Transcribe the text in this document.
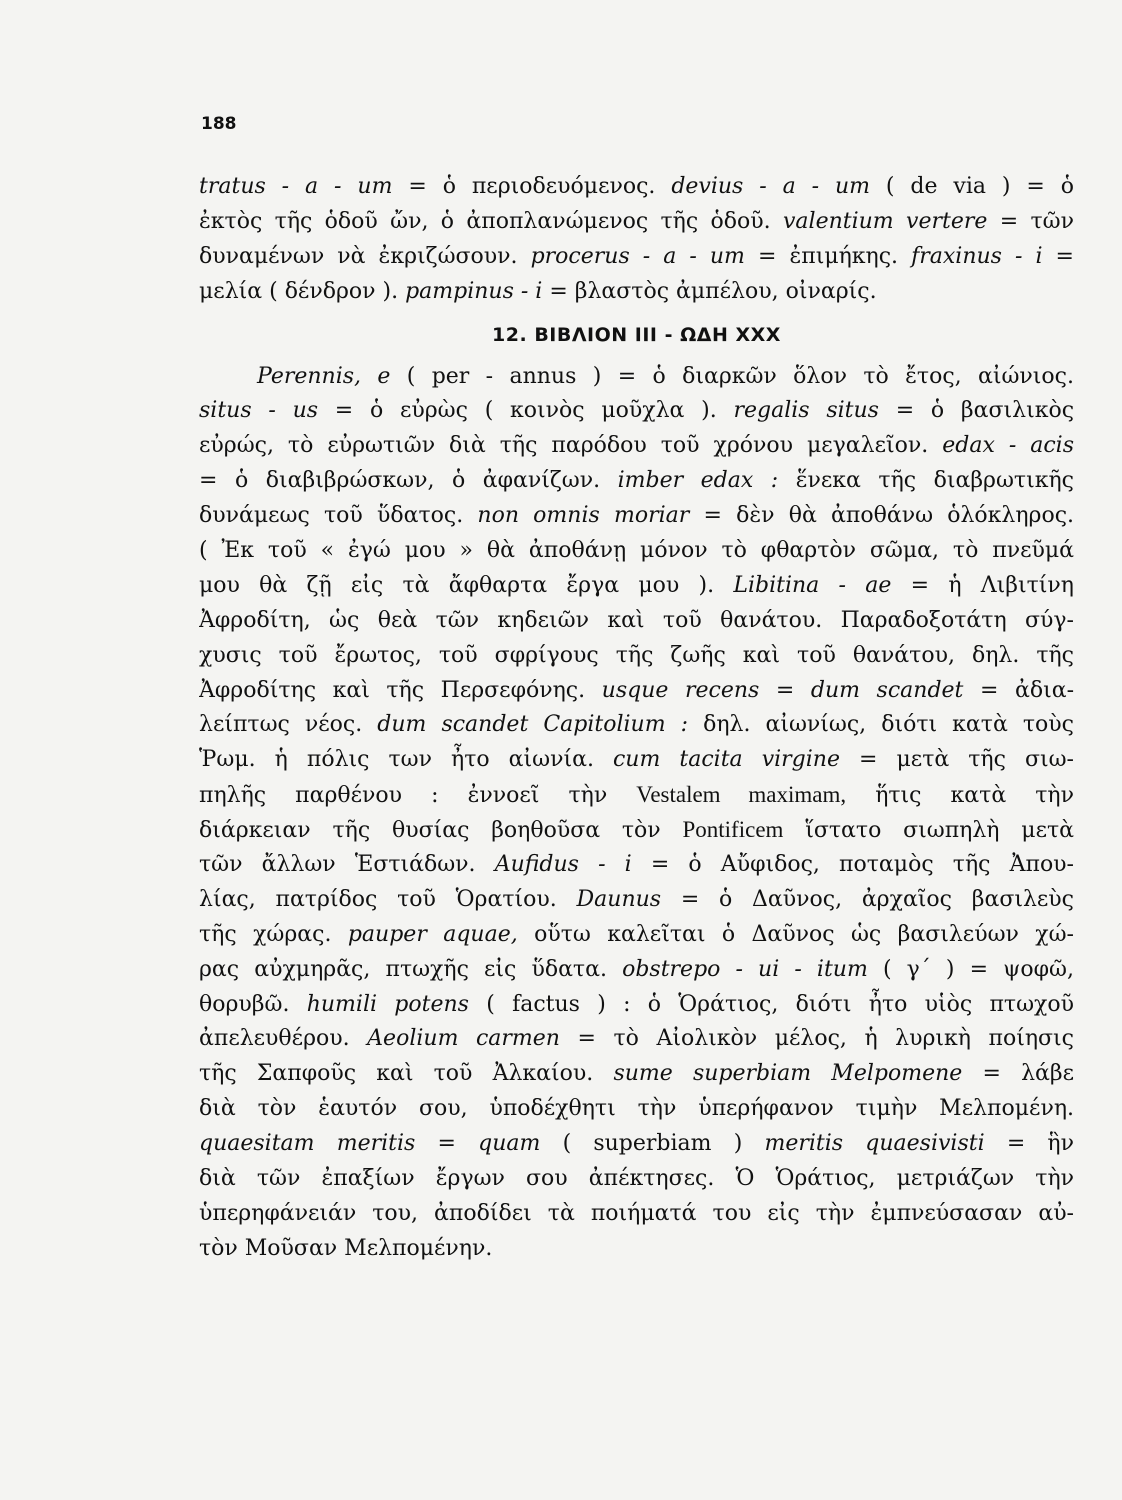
188
tratus - a - um = ὁ περιοδευόμενος. devius - a - um ( de via ) = ὁ
ἐκτὸς τῆς ὁδοῦ ὤν, ὁ ἀποπλανώμενος τῆς ὁδοῦ. valentium vertere = τῶν
δυναμένων νὰ ἐκριζώσουν. procerus - a - um = ἐπιμήκης. fraxinus - i =
μελία ( δένδρον ). pampinus - i = βλαστὸς ἀμπέλου, οἰναρίς.
12. ΒΙΒΛΙΟΝ ΙΙΙ - ΩΔΗ XXX
Perennis, e ( per - annus ) = ὁ διαρκῶν ὅλον τὸ ἔτος, αἰώνιος.
situs - us = ὁ εὐρὼς ( κοινὸς μοῦχλα ). regalis situs = ὁ βασιλικὸς
εὐρώς, τὸ εὐρωτιῶν διὰ τῆς παρόδου τοῦ χρόνου μεγαλεῖον. edax - acis
= ὁ διαβιβρώσκων, ὁ ἀφανίζων. imber edax : ἕνεκα τῆς διαβρωτικῆς
δυνάμεως τοῦ ὕδατος. non omnis moriar = δὲν θὰ ἀποθάνω ὁλόκληρος.
( Ἐκ τοῦ « ἐγώ μου » θὰ ἀποθάνῃ μόνον τὸ φθαρτὸν σῶμα, τὸ πνεῦμά
μου θὰ ζῇ εἰς τὰ ἄφθαρτα ἔργα μου ). Libitina - ae = ἡ Λιβιτίνη
Ἀφροδίτη, ὡς θεὰ τῶν κηδειῶν καὶ τοῦ θανάτου. Παραδοξοτάτη σύγ-
χυσις τοῦ ἔρωτος, τοῦ σφρίγους τῆς ζωῆς καὶ τοῦ θανάτου, δηλ. τῆς
Ἀφροδίτης καὶ τῆς Περσεφόνης. usque recens = dum scandet = ἀδια-
λείπτως νέος. dum scandet Capitolium : δηλ. αἰωνίως, διότι κατὰ τοὺς
Ῥωμ. ἡ πόλις των ἦτο αἰωνία. cum tacita virgine = μετὰ τῆς σιω-
πηλῆς παρθένου : ἐννοεῖ τὴν Vestalem maximam, ἥτις κατὰ τὴν
διάρκειαν τῆς θυσίας βοηθοῦσα τὸν Pontificem ἵστατο σιωπηλὴ μετὰ
τῶν ἄλλων Ἑστιάδων. Aufidus - i = ὁ Αὔφιδος, ποταμὸς τῆς Ἀπου-
λίας, πατρίδος τοῦ Ὁρατίου. Daunus = ὁ Δαῦνος, ἀρχαῖος βασιλεὺς
τῆς χώρας. pauper aquae, οὕτω καλεῖται ὁ Δαῦνος ὡς βασιλεύων χώ-
ρας αὐχμηρᾶς, πτωχῆς εἰς ὕδατα. obstrepo - ui - itum ( γ΄ ) = ψοφῶ,
θορυβῶ. humili potens ( factus ) : ὁ Ὁράτιος, διότι ἦτο υἱὸς πτωχοῦ
ἀπελευθέρου. Aeolium carmen = τὸ Αἰολικὸν μέλος, ἡ λυρικὴ ποίησις
τῆς Σαπφοῦς καὶ τοῦ Ἀλκαίου. sume superbiam Melpomene = λάβε
διὰ τὸν ἑαυτόν σου, ὑποδέχθητι τὴν ὑπερήφανον τιμὴν Μελπομένη.
quaesitam meritis = quam ( superbiam ) meritis quaesivisti = ἣν
διὰ τῶν ἐπαξίων ἔργων σου ἀπέκτησες. Ὁ Ὁράτιος, μετριάζων τὴν
ὑπερηφάνειάν του, ἀποδίδει τὰ ποιήματά του εἰς τὴν ἐμπνεύσασαν αὐ-
τὸν Μοῦσαν Μελπομένην.
